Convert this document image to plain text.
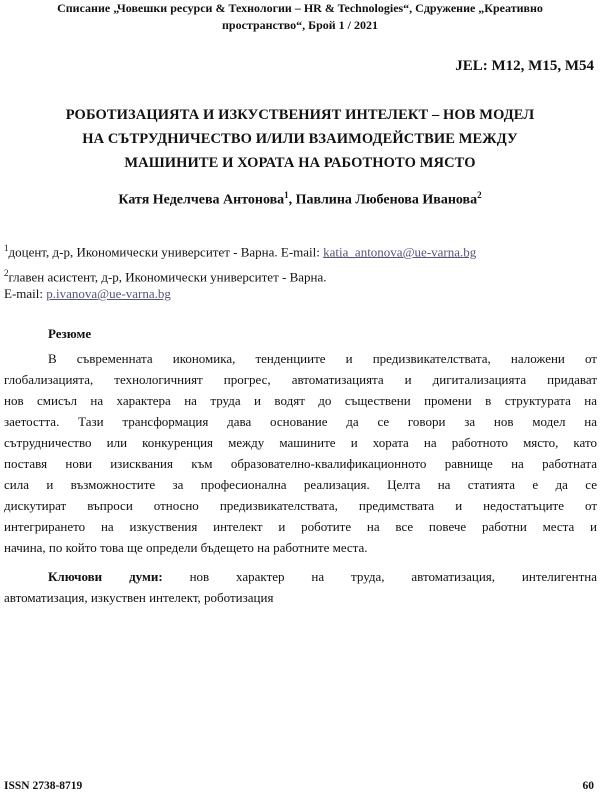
Списание „Човешки ресурси & Технологии – HR & Technologies“, Сдружение „Креативно
пространство“, Брой 1 / 2021
JEL: M12, M15, M54
РОБОТИЗАЦИЯТА И ИЗКУСТВЕНИЯТ ИНТЕЛЕКТ – НОВ МОДЕЛ
НА СЪТРУДНИЧЕСТВО И/ИЛИ ВЗАИМОДЕЙСТВИЕ МЕЖДУ
МАШИНИТЕ И ХОРАТА НА РАБОТНОТО МЯСТО
Катя Неделчева Антонова$^1$, Павлина Любенова Иванова$^2$
$^1$доцент, д-р, Икономически университет - Варна. E-mail: katia_antonova@ue-varna.bg
$^2$главен асистент, д-р, Икономически университет - Варна.
E-mail: p.ivanova@ue-varna.bg
Резюме
В съвременната икономика, тенденциите и предизвикателствата, наложени от
глобализацията, технологичният прогрес, автоматизацията и дигитализацията придават
нов смисъл на характера на труда и водят до съществени промени в структурата на
заетостта. Тази трансформация дава основание да се говори за нов модел на
сътрудничество или конкуренция между машините и хората на работното място, като
поставя нови изисквания към образователно-квалификационното равнище на работната
сила и възможностите за професионална реализация. Целта на статията е да се
дискутират въпроси относно предизвикателствата, предимствата и недостатъците от
интегрирането на изкуствения интелект и роботите на все повече работни места и
начина, по който това ще определи бъдещето на работните места.
Ключови думи: нов характер на труда, автоматизация, интелигентна
автоматизация, изкуствен интелект, роботизация
ISSN 2738-8719	60
